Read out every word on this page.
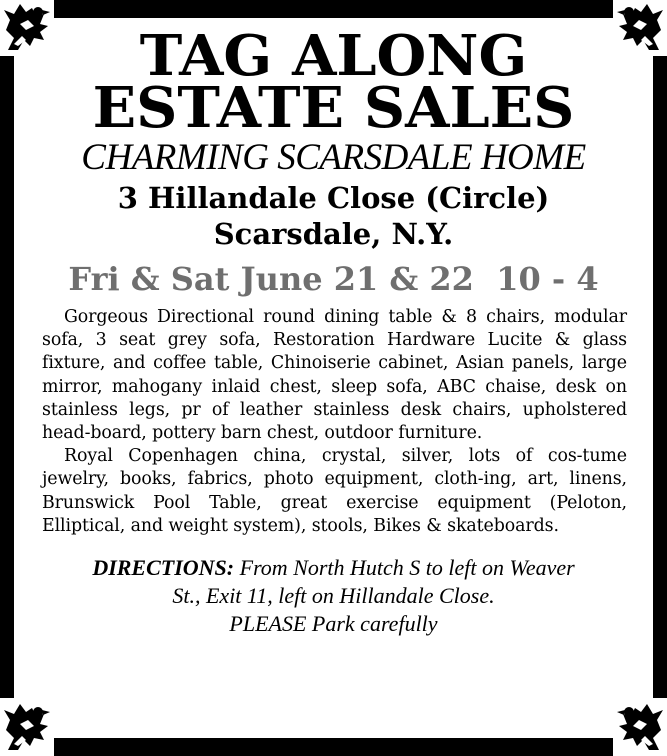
TAG ALONG
ESTATE SALES
CHARMING SCARSDALE HOME
3 Hillandale Close (Circle)
Scarsdale, N.Y.
Fri & Sat June 21 & 22  10 - 4

Gorgeous Directional round dining table & 8 chairs, modular sofa, 3 seat grey sofa, Restoration Hardware Lucite & glass fixture, and coffee table, Chinoiserie cabinet, Asian panels, large mirror, mahogany inlaid chest, sleep sofa, ABC chaise, desk on stainless legs, pr of leather stainless desk chairs, upholstered head-board, pottery barn chest, outdoor furniture.

Royal Copenhagen china, crystal, silver, lots of cos-tume jewelry, books, fabrics, photo equipment, cloth-ing, art, linens, Brunswick Pool Table, great exercise equipment (Peloton, Elliptical, and weight system), stools, Bikes & skateboards.

DIRECTIONS: From North Hutch S to left on Weaver
St., Exit 11, left on Hillandale Close.
PLEASE Park carefully
